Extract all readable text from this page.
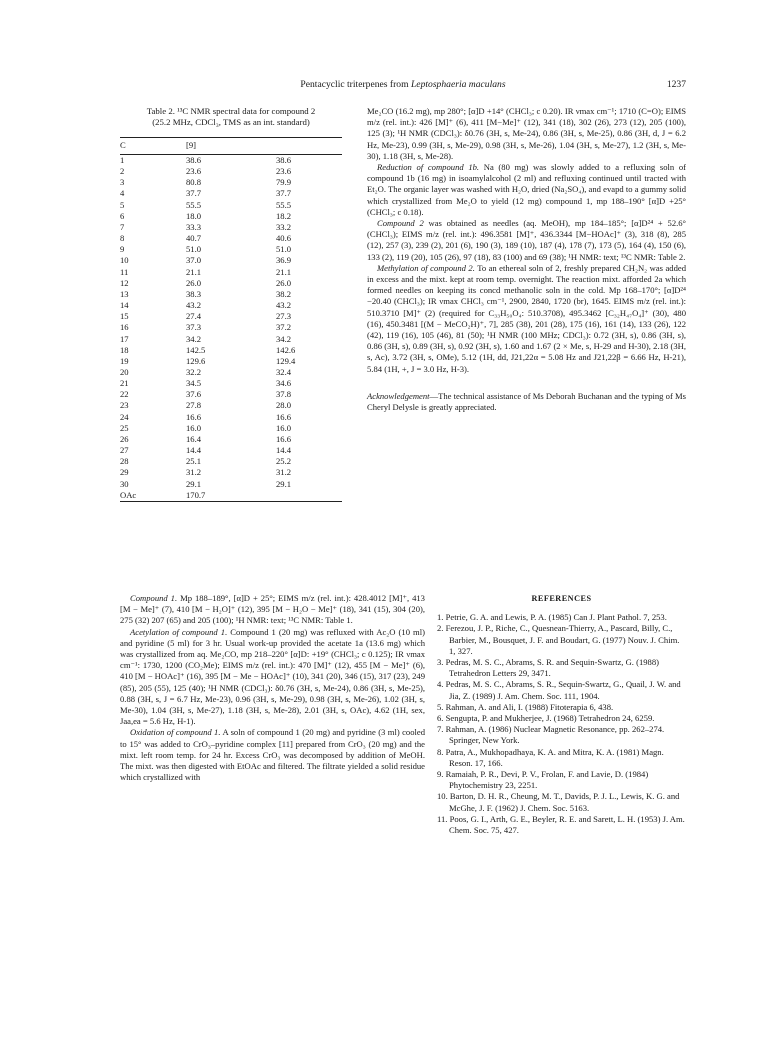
Pentacyclic triterpenes from Leptosphaeria maculans	1237
Table 2. ¹³C NMR spectral data for compound 2
(25.2 MHz, CDCl₃, TMS as an int. standard)
C	[9]	
1	38.6	38.6
2	23.6	23.6
3	80.8	79.9
4	37.7	37.7
5	55.5	55.5
6	18.0	18.2
7	33.3	33.2
8	40.7	40.6
9	51.0	51.0
10	37.0	36.9
11	21.1	21.1
12	26.0	26.0
13	38.3	38.2
14	43.2	43.2
15	27.4	27.3
16	37.3	37.2
17	34.2	34.2
18	142.5	142.6
19	129.6	129.4
20	32.2	32.4
21	34.5	34.6
22	37.6	37.8
23	27.8	28.0
24	16.6	16.6
25	16.0	16.0
26	16.4	16.6
27	14.4	14.4
28	25.1	25.2
29	31.2	31.2
30	29.1	29.1
OAc	170.7	

Me₂CO (16.2 mg), mp 280°; [α]D +14° (CHCl₃; c 0.20). IR νmax cm⁻¹; 1710 (C=O); EIMS m/z (rel. int.): 426 [M]⁺ (6), 411 [M−Me]⁺ (12), 341 (18), 302 (26), 273 (12), 205 (100), 125 (3); ¹H NMR (CDCl₃): δ0.76 (3H, s, Me-24), 0.86 (3H, s, Me-25), 0.86 (3H, d, J = 6.2 Hz, Me-23), 0.99 (3H, s, Me-29), 0.98 (3H, s, Me-26), 1.04 (3H, s, Me-27), 1.2 (3H, s, Me-30), 1.18 (3H, s, Me-28).

Reduction of compound 1b. Na (80 mg) was slowly added to a refluxing soln of compound 1b (16 mg) in isoamylalcohol (2 ml) and refluxing continued until tracted with Et₂O. The organic layer was washed with H₂O, dried (Na₂SO₄), and evapd to a gummy solid which crystallized from Me₂O to yield (12 mg) compound 1, mp 188–190° [α]D +25° (CHCl₃; c 0.18).

Compound 2 was obtained as needles (aq. MeOH), mp 184–185°; [α]D²⁴ + 52.6° (CHCl₃); EIMS m/z (rel. int.): 496.3581 [M]⁺, 436.3344 [M−HOAc]⁺ (3), 318 (8), 285 (12), 257 (3), 239 (2), 201 (6), 190 (3), 189 (10), 187 (4), 178 (7), 173 (5), 164 (4), 150 (6), 133 (2), 119 (20), 105 (26), 97 (18), 83 (100) and 69 (38); ¹H NMR: text; ¹³C NMR: Table 2.

Methylation of compound 2. To an ethereal soln of 2, freshly prepared CH₂N₂ was added in excess and the mixt. kept at room temp. overnight. The reaction mixt. afforded 2a which formed needles on keeping its concd methanolic soln in the cold. Mp 168–170°; [α]D²⁴ −20.40 (CHCl₃); IR νmax CHCl₃ cm⁻¹, 2900, 2840, 1720 (br), 1645. EIMS m/z (rel. int.): 510.3710 [M]⁺ (2) (required for C₃₃H₅₀O₄: 510.3708), 495.3462 [C₃₂H₄₇O₄]⁺ (30), 480 (16), 450.3481 [(M − MeCO₂H)⁺, 7], 285 (38), 201 (28), 175 (16), 161 (14), 133 (26), 122 (42), 119 (16), 105 (46), 81 (50); ¹H NMR (100 MHz; CDCl₃): 0.72 (3H, s), 0.86 (3H, s), 0.86 (3H, s), 0.89 (3H, s), 0.92 (3H, s), 1.60 and 1.67 (2 × Me, s, H-29 and H-30), 2.18 (3H, s, Ac), 3.72 (3H, s, OMe), 5.12 (1H, dd, J21,22α = 5.08 Hz and J21,22β = 6.66 Hz, H-21), 5.84 (1H, +, J = 3.0 Hz, H-3).

Acknowledgement—The technical assistance of Ms Deborah Buchanan and the typing of Ms Cheryl Delysle is greatly appreciated.

Compound 1. Mp 188–189°, [α]D + 25°; EIMS m/z (rel. int.): 428.4012 [M]⁺, 413 [M − Me]⁺ (7), 410 [M − H₂O]⁺ (12), 395 [M − H₂O − Me]⁺ (18), 341 (15), 304 (20), 275 (32) 207 (65) and 205 (100); ¹H NMR: text; ¹³C NMR: Table 1.

Acetylation of compound 1. Compound 1 (20 mg) was refluxed with Ac₂O (10 ml) and pyridine (5 ml) for 3 hr. Usual work-up provided the acetate 1a (13.6 mg) which was crystallized from aq. Me₂CO, mp 218–220° [α]D: +19° (CHCl₃; c 0.125); IR νmax cm⁻¹: 1730, 1200 (CO₂Me); EIMS m/z (rel. int.): 470 [M]⁺ (12), 455 [M − Me]⁺ (6), 410 [M − HOAc]⁺ (16), 395 [M − Me − HOAc]⁺ (10), 341 (20), 346 (15), 317 (23), 249 (85), 205 (55), 125 (40); ¹H NMR (CDCl₃): δ0.76 (3H, s, Me-24), 0.86 (3H, s, Me-25), 0.88 (3H, s, J = 6.7 Hz, Me-23), 0.96 (3H, s, Me-29), 0.98 (3H, s, Me-26), 1.02 (3H, s, Me-30), 1.04 (3H, s, Me-27), 1.18 (3H, s, Me-28), 2.01 (3H, s, OAc), 4.62 (1H, sex, Jaa,ea = 5.6 Hz, H-1).

Oxidation of compound 1. A soln of compound 1 (20 mg) and pyridine (3 ml) cooled to 15° was added to CrO₃–pyridine complex [11] prepared from CrO₃ (20 mg) and the mixt. left room temp. for 24 hr. Excess CrO₃ was decomposed by addition of MeOH. The mixt. was then digested with EtOAc and filtered. The filtrate yielded a solid residue which crystallized with

REFERENCES
1. Petrie, G. A. and Lewis, P. A. (1985) Can J. Plant Pathol. 7, 253.
2. Ferezou, J. P., Riche, C., Quesnean-Thierry, A., Pascard, Billy, C., Barbier, M., Bousquet, J. F. and Boudart, G. (1977) Nouv. J. Chim. 1, 327.
3. Pedras, M. S. C., Abrams, S. R. and Sequin-Swartz, G. (1988) Tetrahedron Letters 29, 3471.
4. Pedras, M. S. C., Abrams, S. R., Sequin-Swartz, G., Quail, J. W. and Jia, Z. (1989) J. Am. Chem. Soc. 111, 1904.
5. Rahman, A. and Ali, I. (1988) Fitoterapia 6, 438.
6. Sengupta, P. and Mukherjee, J. (1968) Tetrahedron 24, 6259.
7. Rahman, A. (1986) Nuclear Magnetic Resonance, pp. 262–274. Springer, New York.
8. Patra, A., Mukhopadhaya, K. A. and Mitra, K. A. (1981) Magn. Reson. 17, 166.
9. Ramaiah, P. R., Devi, P. V., Frolan, F. and Lavie, D. (1984) Phytochemistry 23, 2251.
10. Barton, D. H. R., Cheung, M. T., Davids, P. J. L., Lewis, K. G. and McGhe, J. F. (1962) J. Chem. Soc. 5163.
11. Poos, G. I., Arth, G. E., Beyler, R. E. and Sarett, L. H. (1953) J. Am. Chem. Soc. 75, 427.
